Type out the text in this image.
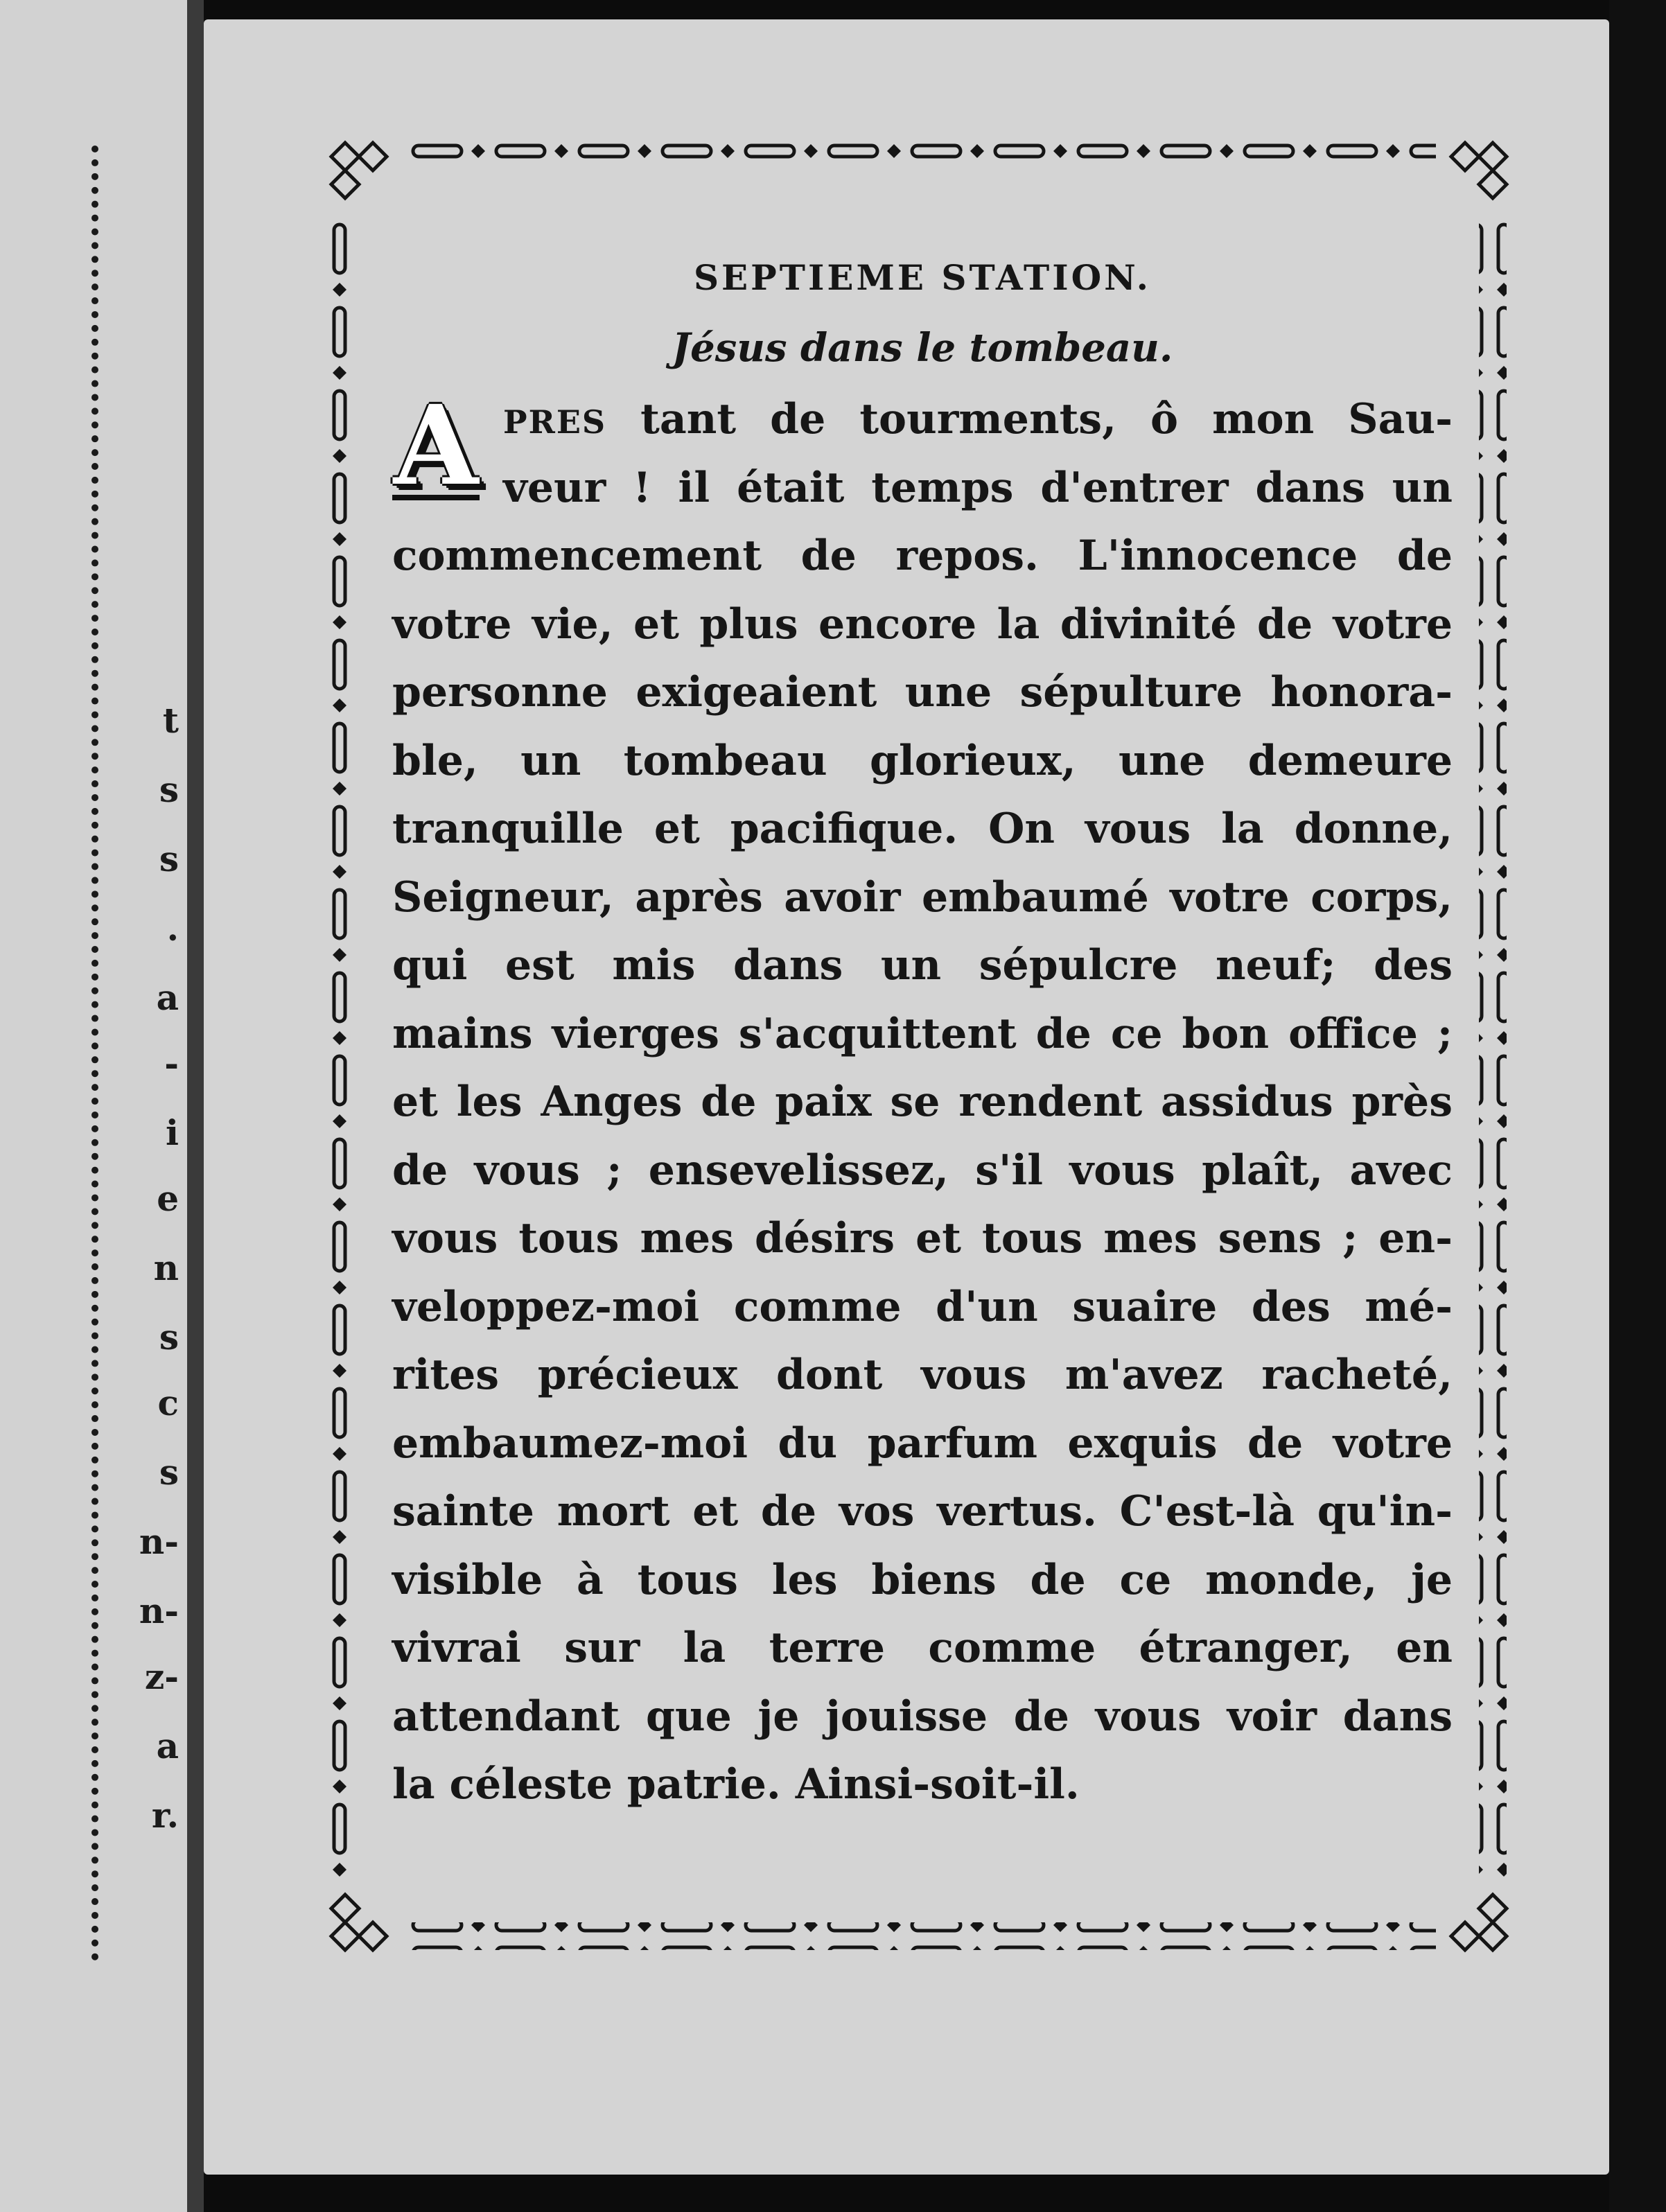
t
s
s
.
a
-
i
e
n
s
c
s
n-
n-
z-
a
r.
SEPTIEME STATION.
Jésus dans le tombeau.
A PRES tant de tourments, ô mon Sau-
veur ! il était temps d'entrer dans un
commencement de repos. L'innocence de
votre vie, et plus encore la divinité de votre
personne exigeaient une sépulture honora-
ble, un tombeau glorieux, une demeure
tranquille et pacifique. On vous la donne,
Seigneur, après avoir embaumé votre corps,
qui est mis dans un sépulcre neuf; des
mains vierges s'acquittent de ce bon office ;
et les Anges de paix se rendent assidus près
de vous ; ensevelissez, s'il vous plaît, avec
vous tous mes désirs et tous mes sens ; en-
veloppez-moi comme d'un suaire des mé-
rites précieux dont vous m'avez racheté,
embaumez-moi du parfum exquis de votre
sainte mort et de vos vertus. C'est-là qu'in-
visible à tous les biens de ce monde, je
vivrai sur la terre comme étranger, en
attendant que je jouisse de vous voir dans
la céleste patrie. Ainsi-soit-il.
